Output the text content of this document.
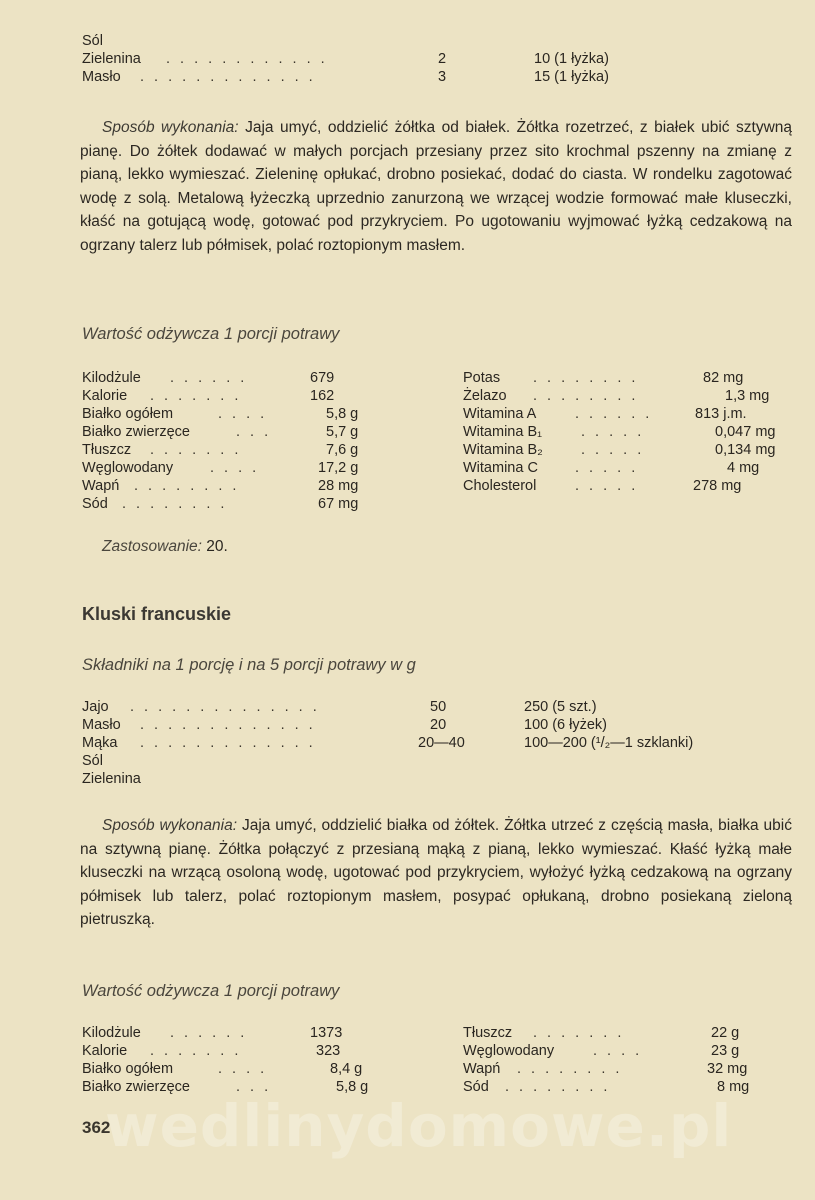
Sól
Zielenina . . . . . . . . . . . .	2	10 (1 łyżka)
Masło . . . . . . . . . . . . .	3	15 (1 łyżka)
Sposób wykonania: Jaja umyć, oddzielić żółtka od białek. Żółtka rozetrzeć, z białek ubić sztywną pianę. Do żółtek dodawać w małych porcjach przesiany przez sito krochmal pszenny na zmianę z pianą, lekko wymieszać. Zieleninę opłukać, drobno posiekać, dodać do ciasta. W rondelku zagotować wodę z solą. Metalową łyżeczką uprzednio zanurzoną we wrzącej wodzie formować małe kluseczki, kłaść na gotującą wodę, gotować pod przykryciem. Po ugotowaniu wyjmować łyżką cedzakową na ogrzany talerz lub półmisek, polać roztopionym masłem.
Wartość odżywcza 1 porcji potrawy
Kilodżule . . . . . .	679
Kalorie . . . . . . .	162
Białko ogółem	. . . .	5,8 g
Białko zwierzęce	. . .	5,7 g
Tłuszcz . . . . . . .	7,6 g
Węglowodany	. . . .	17,2 g
Wapń . . . . . . . .	28 mg
Sód . . . . . . . .	67 mg
Potas . . . . . . . .	82 mg
Żelazo . . . . . . . .	1,3 mg
Witamina A	. . . . . .	813 j.m.
Witamina B₁	. . . . .	0,047 mg
Witamina B₂	. . . . .	0,134 mg
Witamina C	. . . . .	4 mg
Cholesterol	. . . . .	278 mg
Zastosowanie: 20.
Kluski francuskie
Składniki na 1 porcję i na 5 porcji potrawy w g
Jajo . . . . . . . . . . . . . .	50	250 (5 szt.)
Masło . . . . . . . . . . . . .	20	100 (6 łyżek)
Mąka . . . . . . . . . . . . .	20—40	100—200 (¹/₂—1 szklanki)
Sól
Zielenina
Sposób wykonania: Jaja umyć, oddzielić białka od żółtek. Żółtka utrzeć z częścią masła, białka ubić na sztywną pianę. Żółtka połączyć z przesianą mąką z pianą, lekko wymieszać. Kłaść łyżką małe kluseczki na wrzącą osoloną wodę, ugotować pod przykryciem, wyłożyć łyżką cedzakową na ogrzany półmisek lub talerz, polać roztopionym masłem, posypać opłukaną, drobno posiekaną zieloną pietruszką.
Wartość odżywcza 1 porcji potrawy
Kilodżule . . . . . .	1373
Kalorie . . . . . . .	323
Białko ogółem	. . . .	8,4 g
Białko zwierzęce	. . .	5,8 g
Tłuszcz . . . . . . .	22 g
Węglowodany	. . . .	23 g
Wapń . . . . . . . .	32 mg
Sód . . . . . . . .	8 mg
wedlinydomowe.pl
362
